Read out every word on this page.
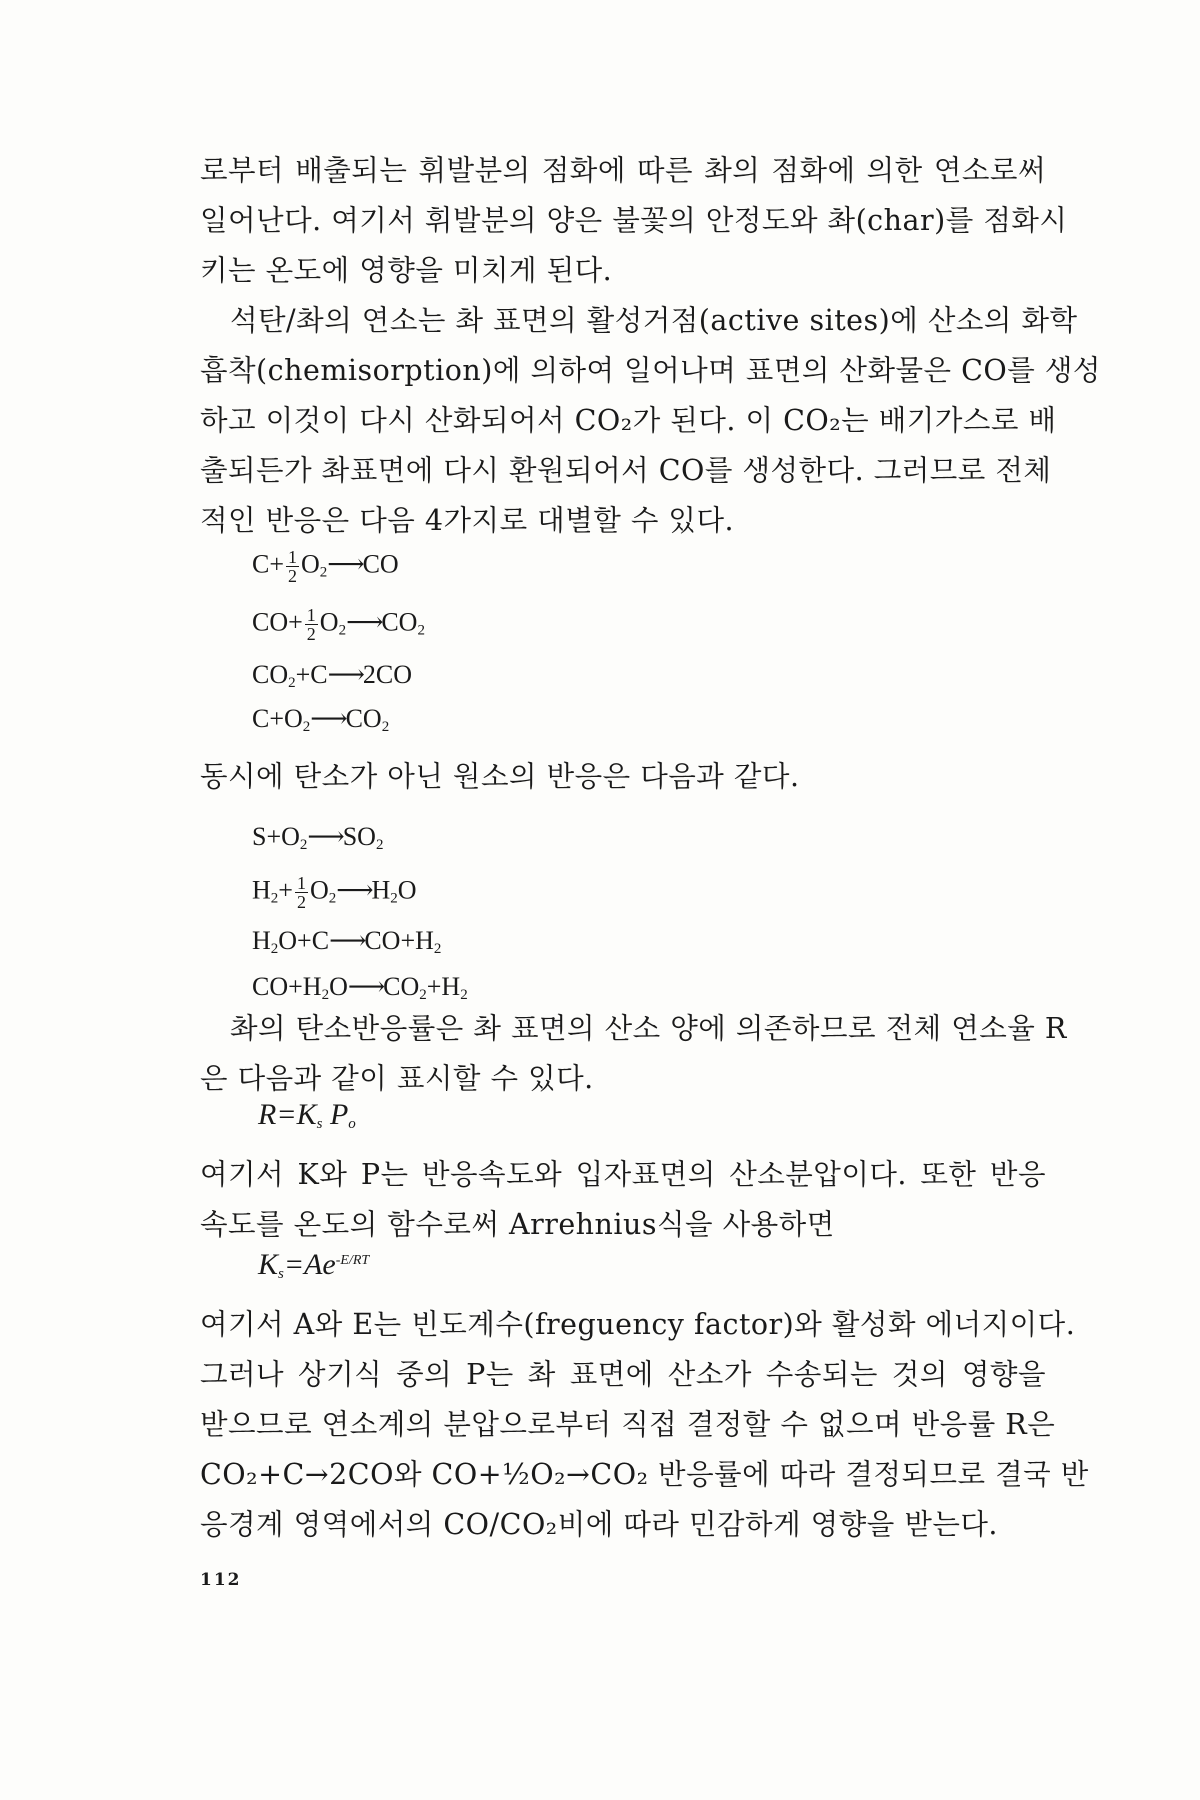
로부터 배출되는 휘발분의 점화에 따른 촤의 점화에 의한 연소로써
일어난다. 여기서 휘발분의 양은 불꽃의 안정도와 촤(char)를 점화시
키는 온도에 영향을 미치게 된다.
석탄/촤의 연소는 촤 표면의 활성거점(active sites)에 산소의 화학
흡착(chemisorption)에 의하여 일어나며 표면의 산화물은 CO를 생성
하고 이것이 다시 산화되어서 CO₂가 된다. 이 CO₂는 배기가스로 배
출되든가 촤표면에 다시 환원되어서 CO를 생성한다. 그러므로 전체
적인 반응은 다음 4가지로 대별할 수 있다.
$C+ \frac{1}{2}$ $O_2⟶CO$
$CO+ \frac{1}{2}$ $O_2⟶CO_2$
$CO_2+C⟶2CO$
$C+O_2⟶CO_2$
동시에 탄소가 아닌 원소의 반응은 다음과 같다.
$S+O_2⟶SO_2$
$H_2+ \frac{1}{2}$ $O_2⟶H_2O$
$H_2O+C⟶CO+H_2$
$CO+H_2O⟶CO_2+H_2$
촤의 탄소반응률은 촤 표면의 산소 양에 의존하므로 전체 연소율 R
은 다음과 같이 표시할 수 있다.
$R=K_s$ $P_o$
여기서 K와 P는 반응속도와 입자표면의 산소분압이다. 또한 반응
속도를 온도의 함수로써 Arrehnius식을 사용하면
$K_s=Ae^{-E/RT}$
여기서 A와 E는 빈도계수(freguency factor)와 활성화 에너지이다.
그러나 상기식 중의 P는 촤 표면에 산소가 수송되는 것의 영향을
받으므로 연소계의 분압으로부터 직접 결정할 수 없으며 반응률 R은
CO₂+C→2CO와 CO+½O₂→CO₂ 반응률에 따라 결정되므로 결국 반
응경계 영역에서의 CO/CO₂비에 따라 민감하게 영향을 받는다.
112
